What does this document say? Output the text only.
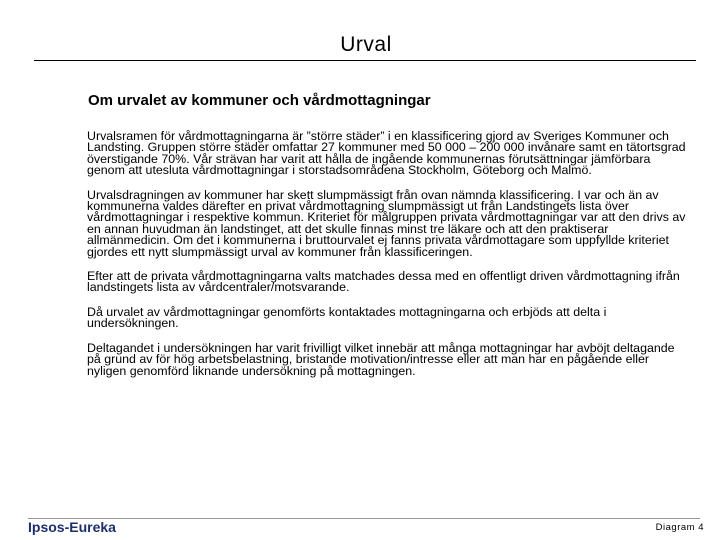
Urval
Om urvalet av kommuner och vårdmottagningar

Urvalsramen för vårdmottagningarna är ”större städer” i en klassificering gjord av Sveriges Kommuner och Landsting. Gruppen större städer omfattar 27 kommuner med 50 000 – 200 000 invånare samt en tätortsgrad överstigande 70%. Vår strävan har varit att hålla de ingående kommunernas förutsättningar jämförbara genom att utesluta vårdmottagningar i storstadsområdena Stockholm, Göteborg och Malmö.

Urvalsdragningen av kommuner har skett slumpmässigt från ovan nämnda klassificering. I var och än av kommunerna valdes därefter en privat vårdmottagning slumpmässigt ut från Landstingets lista över vårdmottagningar i respektive kommun. Kriteriet för målgruppen privata vårdmottagningar var att den drivs av en annan huvudman än landstinget, att det skulle finnas minst tre läkare och att den praktiserar allmänmedicin. Om det i kommunerna i bruttourvalet ej fanns privata vårdmottagare som uppfyllde kriteriet gjordes ett nytt slumpmässigt urval av kommuner från klassificeringen.

Efter att de privata vårdmottagningarna valts matchades dessa med en offentligt driven vårdmottagning ifrån landstingets lista av vårdcentraler/motsvarande.

Då urvalet av vårdmottagningar genomförts kontaktades mottagningarna och erbjöds att delta i undersökningen.

Deltagandet i undersökningen har varit frivilligt vilket innebär att många mottagningar har avböjt deltagande på grund av för hög arbetsbelastning, bristande motivation/intresse eller att man har en pågående eller nyligen genomförd liknande undersökning på mottagningen.

Ipsos-Eureka	Diagram 4
